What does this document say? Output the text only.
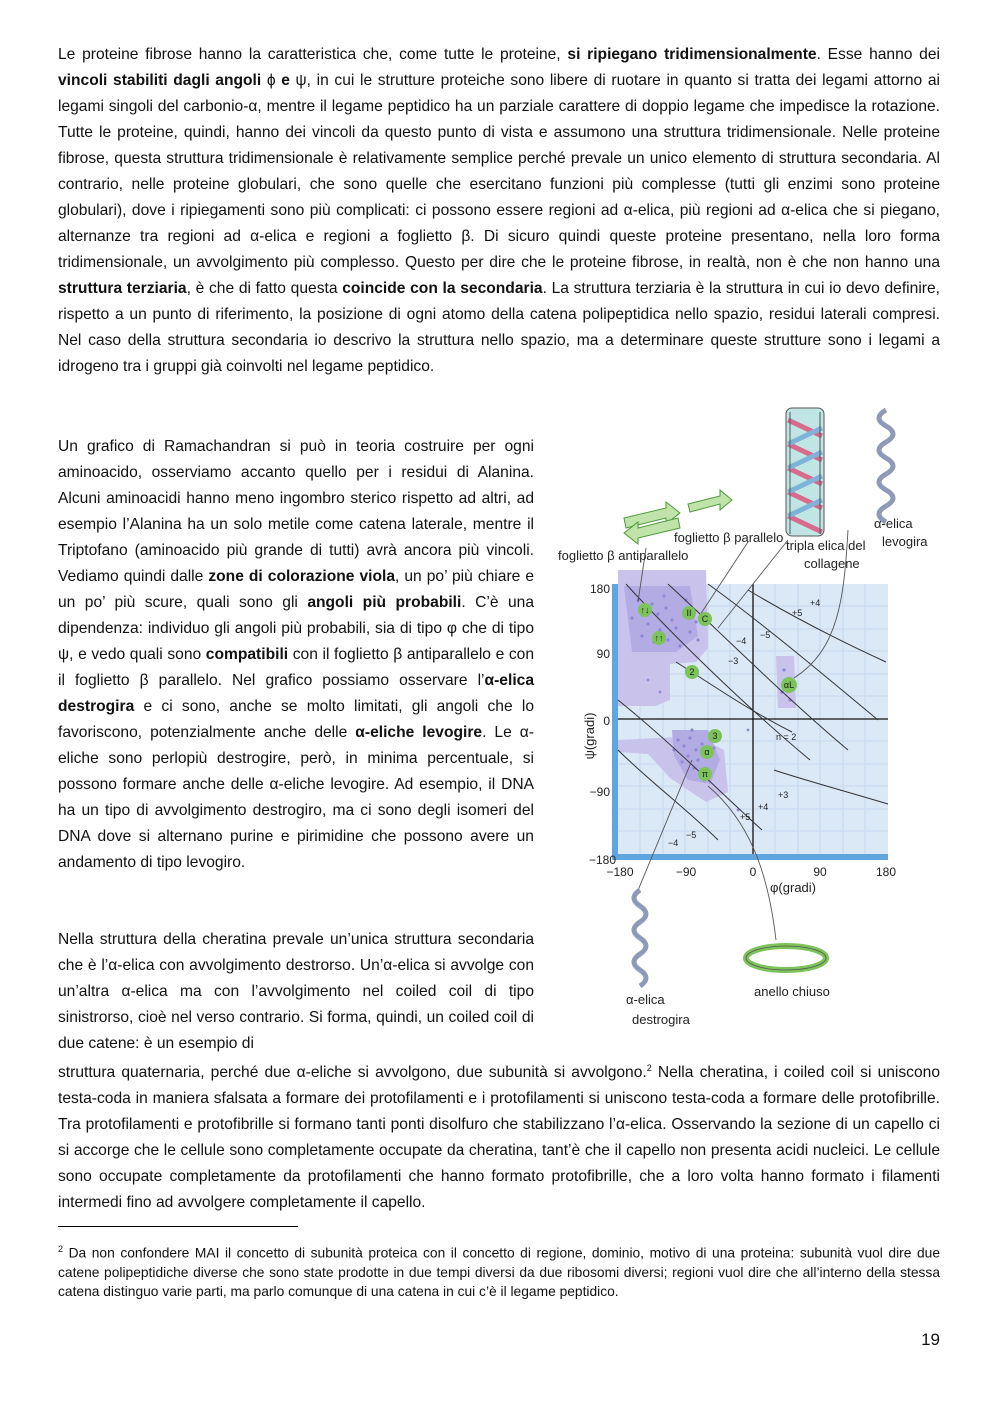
Le proteine fibrose hanno la caratteristica che, come tutte le proteine, si ripiegano tridimensionalmente. Esse hanno dei vincoli stabiliti dagli angoli ϕ e ψ, in cui le strutture proteiche sono libere di ruotare in quanto si tratta dei legami attorno ai legami singoli del carbonio-α, mentre il legame peptidico ha un parziale carattere di doppio legame che impedisce la rotazione. Tutte le proteine, quindi, hanno dei vincoli da questo punto di vista e assumono una struttura tridimensionale. Nelle proteine fibrose, questa struttura tridimensionale è relativamente semplice perché prevale un unico elemento di struttura secondaria. Al contrario, nelle proteine globulari, che sono quelle che esercitano funzioni più complesse (tutti gli enzimi sono proteine globulari), dove i ripiegamenti sono più complicati: ci possono essere regioni ad α-elica, più regioni ad α-elica che si piegano, alternanze tra regioni ad α-elica e regioni a foglietto β. Di sicuro quindi queste proteine presentano, nella loro forma tridimensionale, un avvolgimento più complesso. Questo per dire che le proteine fibrose, in realtà, non è che non hanno una struttura terziaria, è che di fatto questa coincide con la secondaria. La struttura terziaria è la struttura in cui io devo definire, rispetto a un punto di riferimento, la posizione di ogni atomo della catena polipeptidica nello spazio, residui laterali compresi. Nel caso della struttura secondaria io descrivo la struttura nello spazio, ma a determinare queste strutture sono i legami a idrogeno tra i gruppi già coinvolti nel legame peptidico.

Un grafico di Ramachandran si può in teoria costruire per ogni aminoacido, osserviamo accanto quello per i residui di Alanina. Alcuni aminoacidi hanno meno ingombro sterico rispetto ad altri, ad esempio l’Alanina ha un solo metile come catena laterale, mentre il Triptofano (aminoacido più grande di tutti) avrà ancora più vincoli. Vediamo quindi dalle zone di colorazione viola, un po’ più chiare e un po’ più scure, quali sono gli angoli più probabili. C’è una dipendenza: individuo gli angoli più probabili, sia di tipo φ che di tipo ψ, e vedo quali sono compatibili con il foglietto β antiparallelo e con il foglietto β parallelo. Nel grafico possiamo osservare l’α-elica destrogira e ci sono, anche se molto limitati, gli angoli che lo favoriscono, potenzialmente anche delle α-eliche levogire. Le α-eliche sono perlopiù destrogire, però, in minima percentuale, si possono formare anche delle α-eliche levogire. Ad esempio, il DNA ha un tipo di avvolgimento destrogiro, ma ci sono degli isomeri del DNA dove si alternano purine e pirimidine che possono avere un andamento di tipo levogiro.

Nella struttura della cheratina prevale un’unica struttura secondaria che è l’α-elica con avvolgimento destrorso. Un’α-elica si avvolge con un’altra α-elica ma con l’avvolgimento nel coiled coil di tipo sinistrorso, cioè nel verso contrario. Si forma, quindi, un coiled coil di due catene: è un esempio di

struttura quaternaria, perché due α-eliche si avvolgono, due subunità si avvolgono.$^2$ Nella cheratina, i coiled coil si uniscono testa-coda in maniera sfalsata a formare dei protofilamenti e i protofilamenti si uniscono testa-coda a formare delle protofibrille. Tra protofilamenti e protofibrille si formano tanti ponti disolfuro che stabilizzano l’α-elica. Osservando la sezione di un capello ci si accorge che le cellule sono completamente occupate da cheratina, tant’è che il capello non presenta acidi nucleici. Le cellule sono occupate completamente da protofilamenti che hanno formato protofibrille, che a loro volta hanno formato i filamenti intermedi fino ad avvolgere completamente il capello.

$^2$ Da non confondere MAI il concetto di subunità proteica con il concetto di regione, dominio, motivo di una proteina: subunità vuol dire due catene polipeptidiche diverse che sono state prodotte in due tempi diversi da due ribosomi diversi; regioni vuol dire che all’interno della stessa catena distinguo varie parti, ma parlo comunque di una catena in cui c’è il legame peptidico.

19
↑↓
↑↑
II
C
2
αL
3
α
π
+4
+5
−4
−5
−3
n = 2
+3
+4
+5
−5
−4
180
90
0
−90
−180
−180	−90	0	90	180
ψ(gradi)
φ(gradi)
foglietto β antiparallelo
foglietto β parallelo
tripla elica del
collagene
α-elica
levogira
α-elica
destrogira
anello chiuso
